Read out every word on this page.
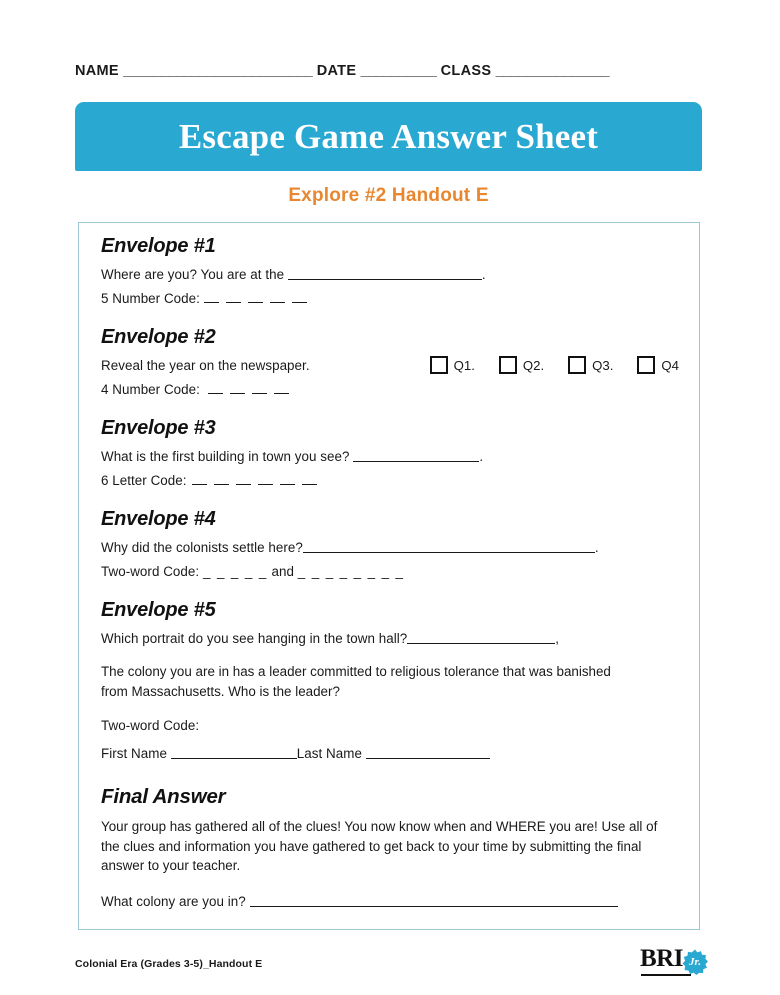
NAME _________________________ DATE __________ CLASS _______________
Escape Game Answer Sheet
Explore #2 Handout E
Envelope #1
Where are you? You are at the	.
5 Number Code:
Envelope #2
Reveal the year on the newspaper.
4 Number Code:
Q1.	Q2.	Q3.	Q4
Envelope #3
What is the first building in town you see?	.
6 Letter Code:
Envelope #4
Why did the colonists settle here?	.
Two-word Code: _ _ _ _ _ and _ _ _ _ _ _ _ _
Envelope #5
Which portrait do you see hanging in the town hall?	,
The colony you are in has a leader committed to religious tolerance that was banished from Massachusetts. Who is the leader?
Two-word Code:
First Name	Last Name
Final Answer
Your group has gathered all of the clues! You now know when and WHERE you are! Use all of the clues and information you have gathered to get back to your time by submitting the final answer to your teacher.
What colony are you in?
Colonial Era (Grades 3-5)_Handout E	BRI Jr.
